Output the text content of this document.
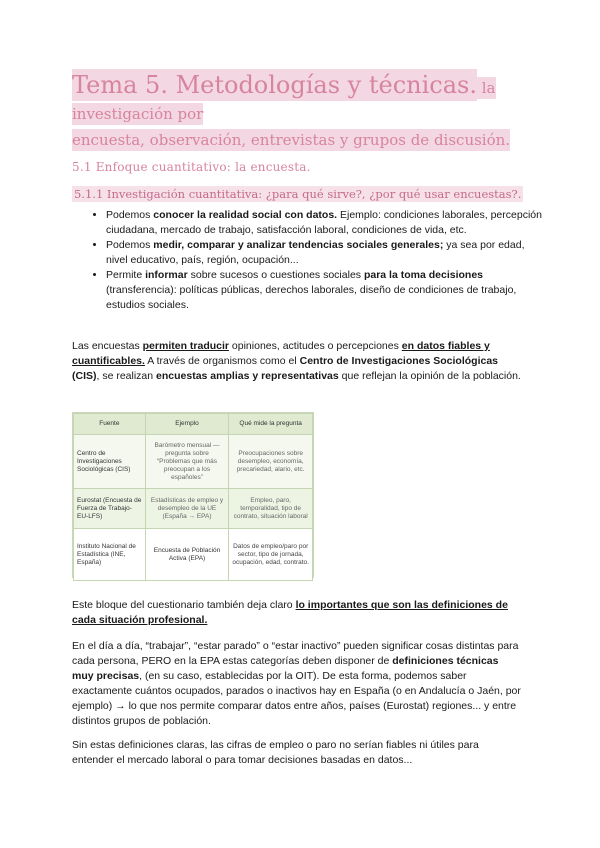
Tema 5. Metodologías y técnicas. la investigación por
encuesta, observación, entrevistas y grupos de discusión.
5.1 Enfoque cuantitativo: la encuesta.
5.1.1 Investigación cuantitativa: ¿para qué sirve?, ¿por qué usar encuestas?.
• Podemos conocer la realidad social con datos. Ejemplo: condiciones laborales, percepción ciudadana, mercado de trabajo, satisfacción laboral, condiciones de vida, etc.
• Podemos medir, comparar y analizar tendencias sociales generales; ya sea por edad, nivel educativo, país, región, ocupación...
• Permite informar sobre sucesos o cuestiones sociales para la toma decisiones (transferencia): políticas públicas, derechos laborales, diseño de condiciones de trabajo, estudios sociales.

Las encuestas permiten traducir opiniones, actitudes o percepciones en datos fiables y cuantificables. A través de organismos como el Centro de Investigaciones Sociológicas (CIS), se realizan encuestas amplias y representativas que reflejan la opinión de la población.

Fuente	Ejemplo	Qué mide la pregunta
Centro de Investigaciones Sociológicas (CIS)	Barómetro mensual — pregunta sobre “Problemas que más preocupan a los españoles”	Preocupaciones sobre desempleo, economía, precariedad, alario, etc.
Eurostat (Encuesta de Fuerza de Trabajo-EU-LFS)	Estadísticas de empleo y desempleo de la UE (España → EPA)	Empleo, paro, temporalidad, tipo de contrato, situación laboral
Instituto Nacional de Estadística (INE, España)	Encuesta de Población Activa (EPA)	Datos de empleo/paro por sector, tipo de jornada, ocupación, edad, contrato.

Este bloque del cuestionario también deja claro lo importantes que son las definiciones de cada situación profesional.

En el día a día, “trabajar”, “estar parado” o “estar inactivo” pueden significar cosas distintas para cada persona, PERO en la EPA estas categorías deben disponer de definiciones técnicas muy precisas, (en su caso, establecidas por la OIT). De esta forma, podemos saber exactamente cuántos ocupados, parados o inactivos hay en España (o en Andalucía o Jaén, por ejemplo) → lo que nos permite comparar datos entre años, países (Eurostat) regiones... y entre distintos grupos de población.

Sin estas definiciones claras, las cifras de empleo o paro no serían fiables ni útiles para entender el mercado laboral o para tomar decisiones basadas en datos...
